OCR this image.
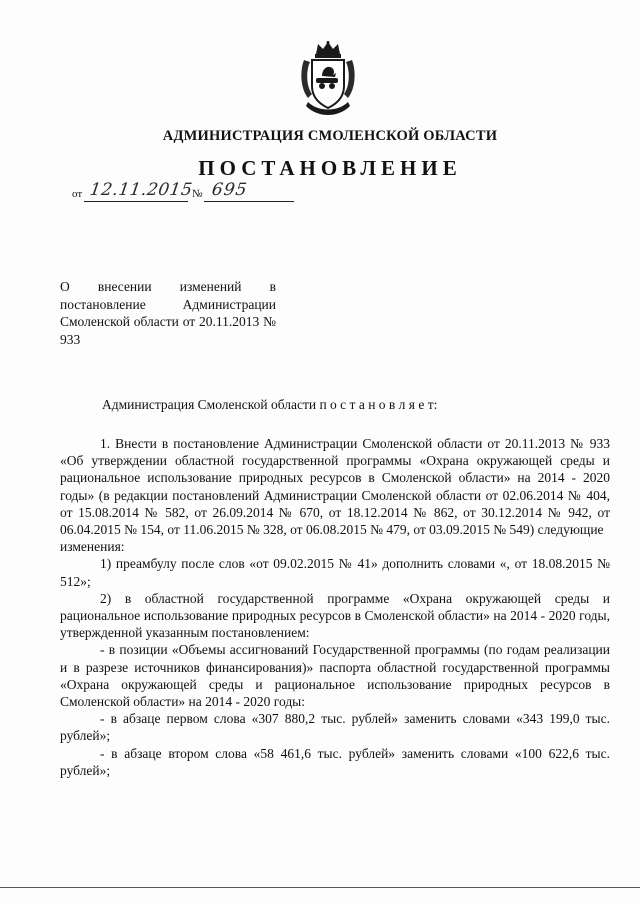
АДМИНИСТРАЦИЯ СМОЛЕНСКОЙ ОБЛАСТИ
ПОСТАНОВЛЕНИЕ
от 12.11.2015
№ 695
О внесении изменений в постановление Администрации Смоленской области от 20.11.2013 № 933
Администрация Смоленской области п о с т а н о в л я е т:

1. Внести в постановление Администрации Смоленской области от 20.11.2013 № 933 «Об утверждении областной государственной программы «Охрана окружающей среды и рациональное использование природных ресурсов в Смоленской области» на 2014 - 2020 годы» (в редакции постановлений Администрации Смоленской области от 02.06.2014 № 404, от 15.08.2014 № 582, от 26.09.2014 № 670, от 18.12.2014 № 862, от 30.12.2014 № 942, от 06.04.2015 № 154, от 11.06.2015 № 328, от 06.08.2015 № 479, от 03.09.2015 № 549) следующие

изменения:

1) преамбулу после слов «от 09.02.2015 № 41» дополнить словами «, от 18.08.2015 № 512»;

2) в областной государственной программе «Охрана окружающей среды и рациональное использование природных ресурсов в Смоленской области» на 2014 - 2020 годы, утвержденной указанным постановлением:

- в позиции «Объемы ассигнований Государственной программы (по годам реализации и в разрезе источников финансирования)» паспорта областной государственной программы «Охрана окружающей среды и рациональное использование природных ресурсов в Смоленской области» на 2014 - 2020 годы:

- в абзаце первом слова «307 880,2 тыс. рублей» заменить словами «343 199,0 тыс. рублей»;

- в абзаце втором слова «58 461,6 тыс. рублей» заменить словами «100 622,6 тыс. рублей»;
